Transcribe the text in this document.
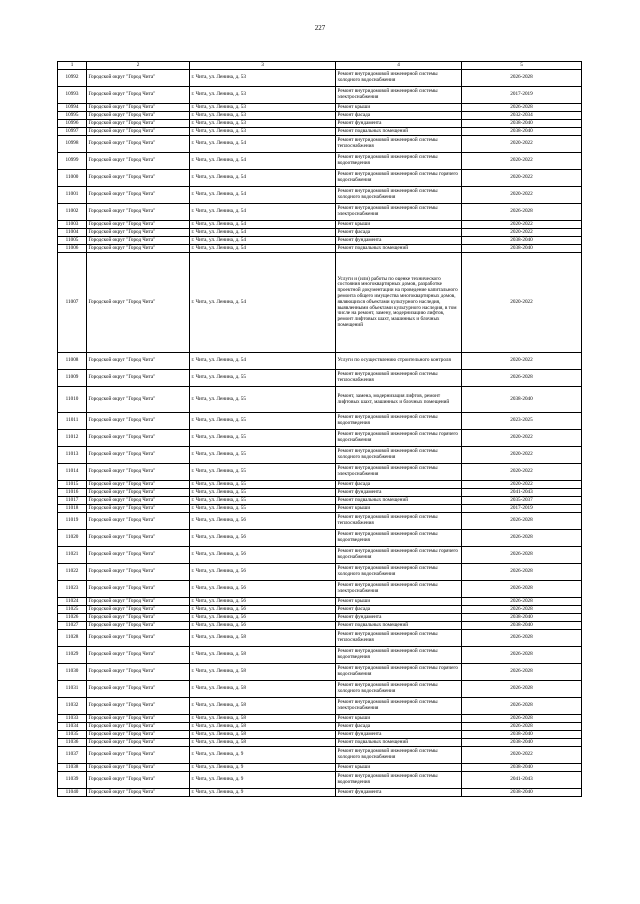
227
1	2	3	4	5
10992	Городской округ "Город Чита"	г. Чита, ул. Ленина, д. 53	Ремонт внутридомовой инженерной системы холодного водоснабжения	2026-2028
10993	Городской округ "Город Чита"	г. Чита, ул. Ленина, д. 53	Ремонт внутридомовой инженерной системы электроснабжения	2017-2019
10994	Городской округ "Город Чита"	г. Чита, ул. Ленина, д. 53	Ремонт крыши	2026-2028
10995	Городской округ "Город Чита"	г. Чита, ул. Ленина, д. 53	Ремонт фасада	2032-2034
10996	Городской округ "Город Чита"	г. Чита, ул. Ленина, д. 53	Ремонт фундамента	2038-2040
10997	Городской округ "Город Чита"	г. Чита, ул. Ленина, д. 53	Ремонт подвальных помещений	2038-2040
10998	Городской округ "Город Чита"	г. Чита, ул. Ленина, д. 54	Ремонт внутридомовой инженерной системы теплоснабжения	2020-2022
10999	Городской округ "Город Чита"	г. Чита, ул. Ленина, д. 54	Ремонт внутридомовой инженерной системы водоотведения	2020-2022
11000	Городской округ "Город Чита"	г. Чита, ул. Ленина, д. 54	Ремонт внутридомовой инженерной системы горячего водоснабжения	2020-2022
11001	Городской округ "Город Чита"	г. Чита, ул. Ленина, д. 54	Ремонт внутридомовой инженерной системы холодного водоснабжения	2020-2022
11002	Городской округ "Город Чита"	г. Чита, ул. Ленина, д. 54	Ремонт внутридомовой инженерной системы электроснабжения	2026-2028
11003	Городской округ "Город Чита"	г. Чита, ул. Ленина, д. 54	Ремонт крыши	2020-2022
11004	Городской округ "Город Чита"	г. Чита, ул. Ленина, д. 54	Ремонт фасада	2020-2022
11005	Городской округ "Город Чита"	г. Чита, ул. Ленина, д. 54	Ремонт фундамента	2038-2040
11006	Городской округ "Город Чита"	г. Чита, ул. Ленина, д. 54	Ремонт подвальных помещений	2038-2040
11007	Городской округ "Город Чита"	г. Чита, ул. Ленина, д. 54	Услуги и (или) работы по оценке технического состояния многоквартирных домов, разработке проектной документации на проведение капитального ремонта общего имущества многоквартирных домов, являющихся объектами культурного наследия, выявленными объектами культурного наследия, в том числе на ремонт, замену, модернизацию лифтов, ремонт лифтовых шахт, машинных и блочных помещений	2020-2022
11008	Городской округ "Город Чита"	г. Чита, ул. Ленина, д. 54	Услуги по осуществлению строительного контроля	2020-2022
11009	Городской округ "Город Чита"	г. Чита, ул. Ленина, д. 55	Ремонт внутридомовой инженерной системы теплоснабжения	2026-2028
11010	Городской округ "Город Чита"	г. Чита, ул. Ленина, д. 55	Ремонт, замена, модернизация лифтов, ремонт лифтовых шахт, машинных и блочных помещений	2038-2040
11011	Городской округ "Город Чита"	г. Чита, ул. Ленина, д. 55	Ремонт внутридомовой инженерной системы водоотведения	2023-2025
11012	Городской округ "Город Чита"	г. Чита, ул. Ленина, д. 55	Ремонт внутридомовой инженерной системы горячего водоснабжения	2020-2022
11013	Городской округ "Город Чита"	г. Чита, ул. Ленина, д. 55	Ремонт внутридомовой инженерной системы холодного водоснабжения	2020-2022
11014	Городской округ "Город Чита"	г. Чита, ул. Ленина, д. 55	Ремонт внутридомовой инженерной системы электроснабжения	2020-2022
11015	Городской округ "Город Чита"	г. Чита, ул. Ленина, д. 55	Ремонт фасада	2020-2022
11016	Городской округ "Город Чита"	г. Чита, ул. Ленина, д. 55	Ремонт фундамента	2041-2043
11017	Городской округ "Город Чита"	г. Чита, ул. Ленина, д. 55	Ремонт подвальных помещений	2035-2037
11018	Городской округ "Город Чита"	г. Чита, ул. Ленина, д. 55	Ремонт крыши	2017-2019
11019	Городской округ "Город Чита"	г. Чита, ул. Ленина, д. 56	Ремонт внутридомовой инженерной системы теплоснабжения	2026-2028
11020	Городской округ "Город Чита"	г. Чита, ул. Ленина, д. 56	Ремонт внутридомовой инженерной системы водоотведения	2026-2028
11021	Городской округ "Город Чита"	г. Чита, ул. Ленина, д. 56	Ремонт внутридомовой инженерной системы горячего водоснабжения	2026-2028
11022	Городской округ "Город Чита"	г. Чита, ул. Ленина, д. 56	Ремонт внутридомовой инженерной системы холодного водоснабжения	2026-2028
11023	Городской округ "Город Чита"	г. Чита, ул. Ленина, д. 56	Ремонт внутридомовой инженерной системы электроснабжения	2026-2028
11024	Городской округ "Город Чита"	г. Чита, ул. Ленина, д. 56	Ремонт крыши	2026-2028
11025	Городской округ "Город Чита"	г. Чита, ул. Ленина, д. 56	Ремонт фасада	2026-2028
11026	Городской округ "Город Чита"	г. Чита, ул. Ленина, д. 56	Ремонт фундамента	2038-2040
11027	Городской округ "Город Чита"	г. Чита, ул. Ленина, д. 56	Ремонт подвальных помещений	2038-2040
11028	Городской округ "Город Чита"	г. Чита, ул. Ленина, д. 58	Ремонт внутридомовой инженерной системы теплоснабжения	2026-2028
11029	Городской округ "Город Чита"	г. Чита, ул. Ленина, д. 58	Ремонт внутридомовой инженерной системы водоотведения	2026-2028
11030	Городской округ "Город Чита"	г. Чита, ул. Ленина, д. 58	Ремонт внутридомовой инженерной системы горячего водоснабжения	2026-2028
11031	Городской округ "Город Чита"	г. Чита, ул. Ленина, д. 58	Ремонт внутридомовой инженерной системы холодного водоснабжения	2026-2028
11032	Городской округ "Город Чита"	г. Чита, ул. Ленина, д. 58	Ремонт внутридомовой инженерной системы электроснабжения	2026-2028
11033	Городской округ "Город Чита"	г. Чита, ул. Ленина, д. 58	Ремонт крыши	2026-2028
11034	Городской округ "Город Чита"	г. Чита, ул. Ленина, д. 58	Ремонт фасада	2026-2028
11035	Городской округ "Город Чита"	г. Чита, ул. Ленина, д. 58	Ремонт фундамента	2038-2040
11036	Городской округ "Город Чита"	г. Чита, ул. Ленина, д. 58	Ремонт подвальных помещений	2038-2040
11037	Городской округ "Город Чита"	г. Чита, ул. Ленина, д. 9	Ремонт внутридомовой инженерной системы холодного водоснабжения	2020-2022
11038	Городской округ "Город Чита"	г. Чита, ул. Ленина, д. 9	Ремонт крыши	2038-2040
11039	Городской округ "Город Чита"	г. Чита, ул. Ленина, д. 9	Ремонт внутридомовой инженерной системы водоотведения	2041-2043
11040	Городской округ "Город Чита"	г. Чита, ул. Ленина, д. 9	Ремонт фундамента	2038-2040
